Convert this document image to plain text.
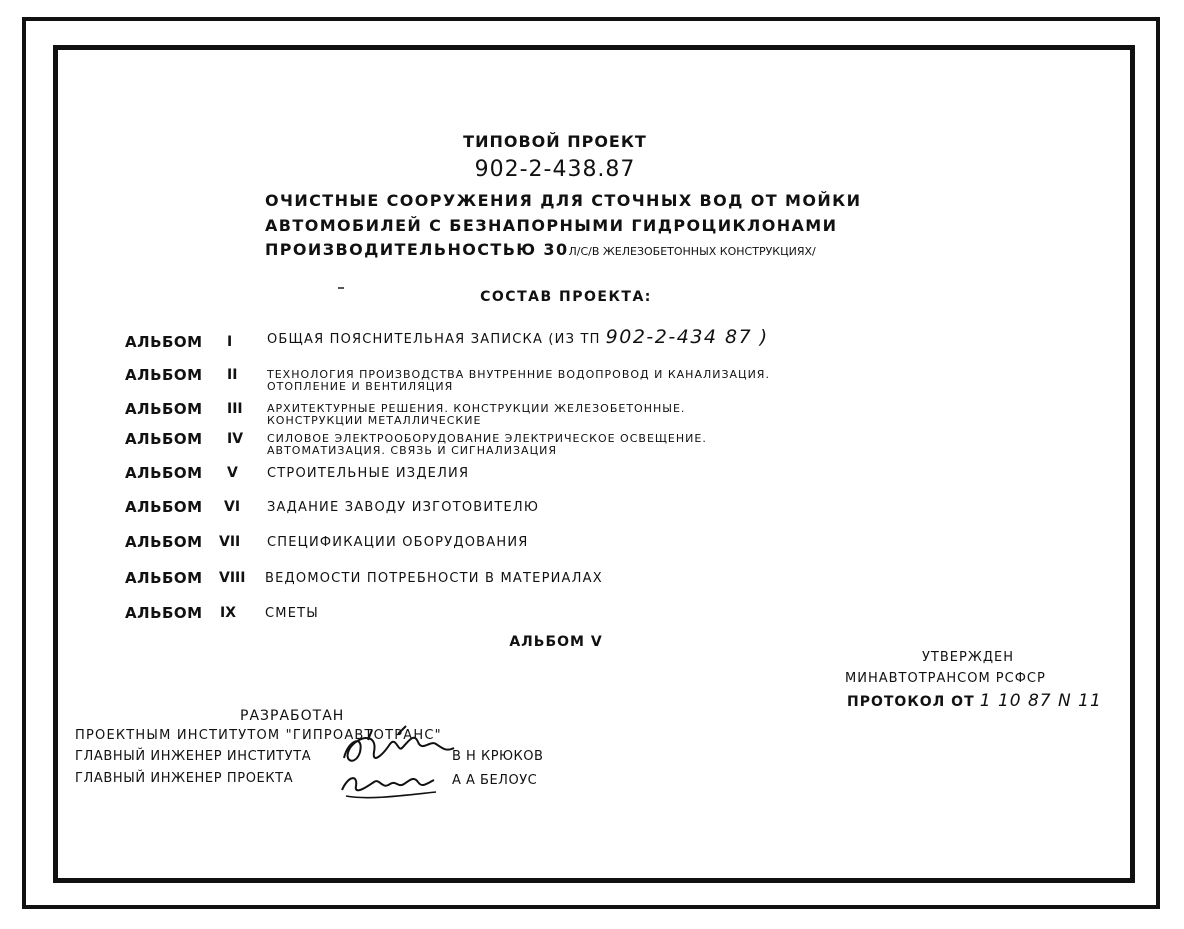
ТИПОВОЙ ПРОЕКТ
902-2-438.87
ОЧИСТНЫЕ СООРУЖЕНИЯ ДЛЯ СТОЧНЫХ ВОД ОТ МОЙКИ
АВТОМОБИЛЕЙ С БЕЗНАПОРНЫМИ ГИДРОЦИКЛОНАМИ
ПРОИЗВОДИТЕЛЬНОСТЬЮ 30Л/С/В ЖЕЛЕЗОБЕТОННЫХ КОНСТРУКЦИЯХ/
СОСТАВ ПРОЕКТА:
АЛЬБОМ I	ОБЩАЯ ПОЯСНИТЕЛЬНАЯ ЗАПИСКА (ИЗ ТП 902-2-434 87 )
АЛЬБОМ II	ТЕХНОЛОГИЯ ПРОИЗВОДСТВА ВНУТРЕННИЕ ВОДОПРОВОД И КАНАЛИЗАЦИЯ.
ОТОПЛЕНИЕ И ВЕНТИЛЯЦИЯ
АЛЬБОМ III АРХИТЕКТУРНЫЕ РЕШЕНИЯ. КОНСТРУКЦИИ ЖЕЛЕЗОБЕТОННЫЕ.
КОНСТРУКЦИИ МЕТАЛЛИЧЕСКИЕ
АЛЬБОМ IV СИЛОВОЕ ЭЛЕКТРООБОРУДОВАНИЕ ЭЛЕКТРИЧЕСКОЕ ОСВЕЩЕНИЕ.
АВТОМАТИЗАЦИЯ. СВЯЗЬ И СИГНАЛИЗАЦИЯ
АЛЬБОМ V СТРОИТЕЛЬНЫЕ ИЗДЕЛИЯ
АЛЬБОМ VI ЗАДАНИЕ ЗАВОДУ ИЗГОТОВИТЕЛЮ
АЛЬБОМ VII СПЕЦИФИКАЦИИ ОБОРУДОВАНИЯ
АЛЬБОМ VIII ВЕДОМОСТИ ПОТРЕБНОСТИ В МАТЕРИАЛАХ
АЛЬБОМ IX СМЕТЫ
АЛЬБОМ V
УТВЕРЖДЕН
МИНАВТОТРАНСОМ РСФСР
ПРОТОКОЛ ОТ 1 10 87 N 11
РАЗРАБОТАН
ПРОЕКТНЫМ ИНСТИТУТОМ "ГИПРОАВТОТРАНС"
ГЛАВНЫЙ ИНЖЕНЕР ИНСТИТУТА	В Н КРЮКОВ
ГЛАВНЫЙ ИНЖЕНЕР ПРОЕКТА	А А БЕЛОУС
